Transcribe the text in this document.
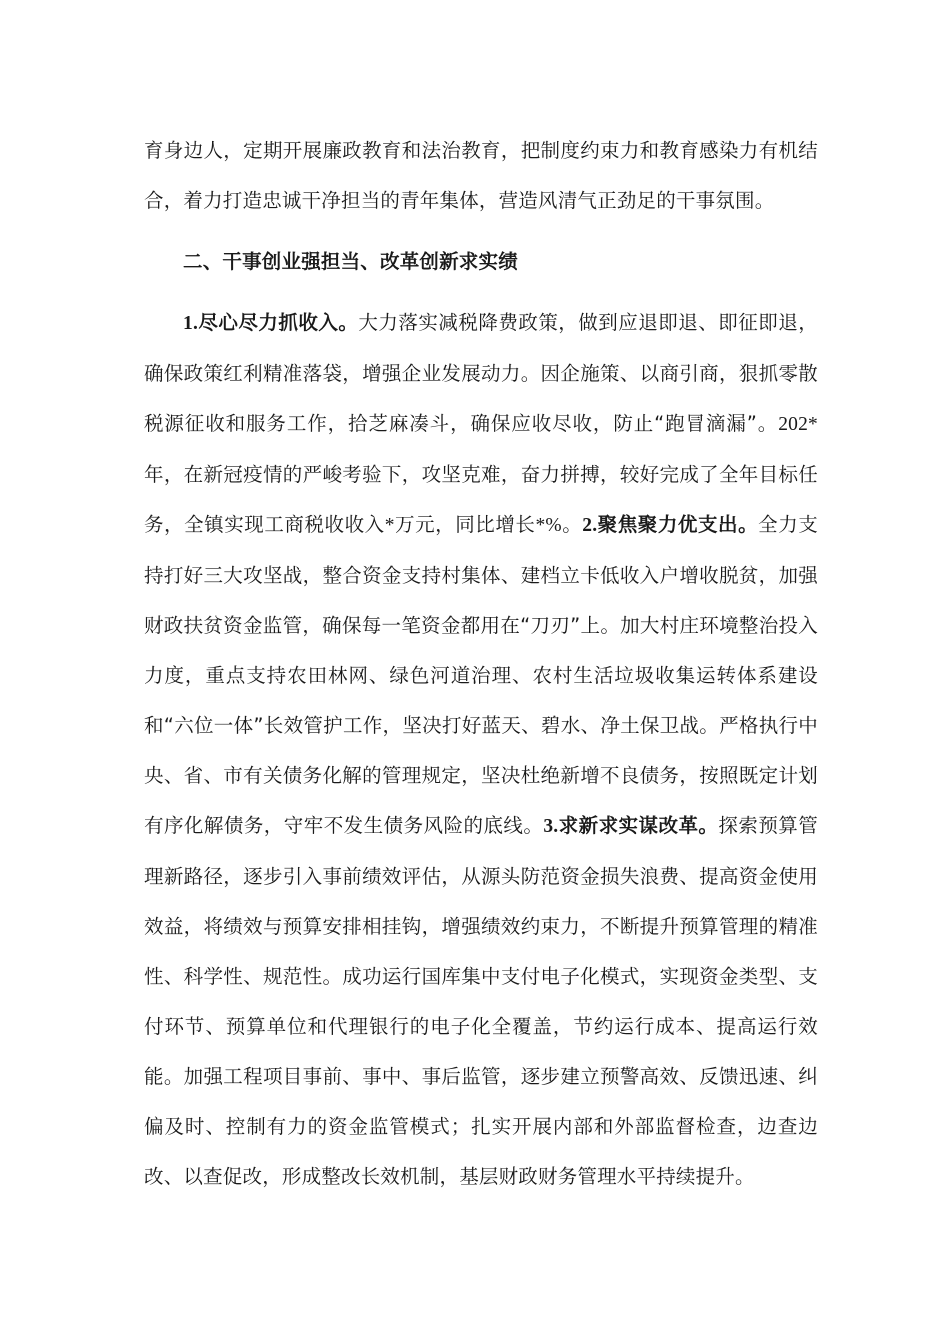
育身边人，定期开展廉政教育和法治教育，把制度约束力和教育感染力有机结合，着力打造忠诚干净担当的青年集体，营造风清气正劲足的干事氛围。

二、干事创业强担当、改革创新求实绩

1.尽心尽力抓收入。大力落实减税降费政策，做到应退即退、即征即退，确保政策红利精准落袋，增强企业发展动力。因企施策、以商引商，狠抓零散税源征收和服务工作，拾芝麻凑斗，确保应收尽收，防止“跑冒滴漏”。202*年，在新冠疫情的严峻考验下，攻坚克难，奋力拼搏，较好完成了全年目标任务，全镇实现工商税收收入*万元，同比增长*%。2.聚焦聚力优支出。全力支持打好三大攻坚战，整合资金支持村集体、建档立卡低收入户增收脱贫，加强财政扶贫资金监管，确保每一笔资金都用在“刀刃”上。加大村庄环境整治投入力度，重点支持农田林网、绿色河道治理、农村生活垃圾收集运转体系建设和“六位一体”长效管护工作，坚决打好蓝天、碧水、净土保卫战。严格执行中央、省、市有关债务化解的管理规定，坚决杜绝新增不良债务，按照既定计划有序化解债务，守牢不发生债务风险的底线。3.求新求实谋改革。探索预算管理新路径，逐步引入事前绩效评估，从源头防范资金损失浪费、提高资金使用效益，将绩效与预算安排相挂钩，增强绩效约束力，不断提升预算管理的精准性、科学性、规范性。成功运行国库集中支付电子化模式，实现资金类型、支付环节、预算单位和代理银行的电子化全覆盖，节约运行成本、提高运行效能。加强工程项目事前、事中、事后监管，逐步建立预警高效、反馈迅速、纠偏及时、控制有力的资金监管模式；扎实开展内部和外部监督检查，边查边改、以查促改，形成整改长效机制，基层财政财务管理水平持续提升。
